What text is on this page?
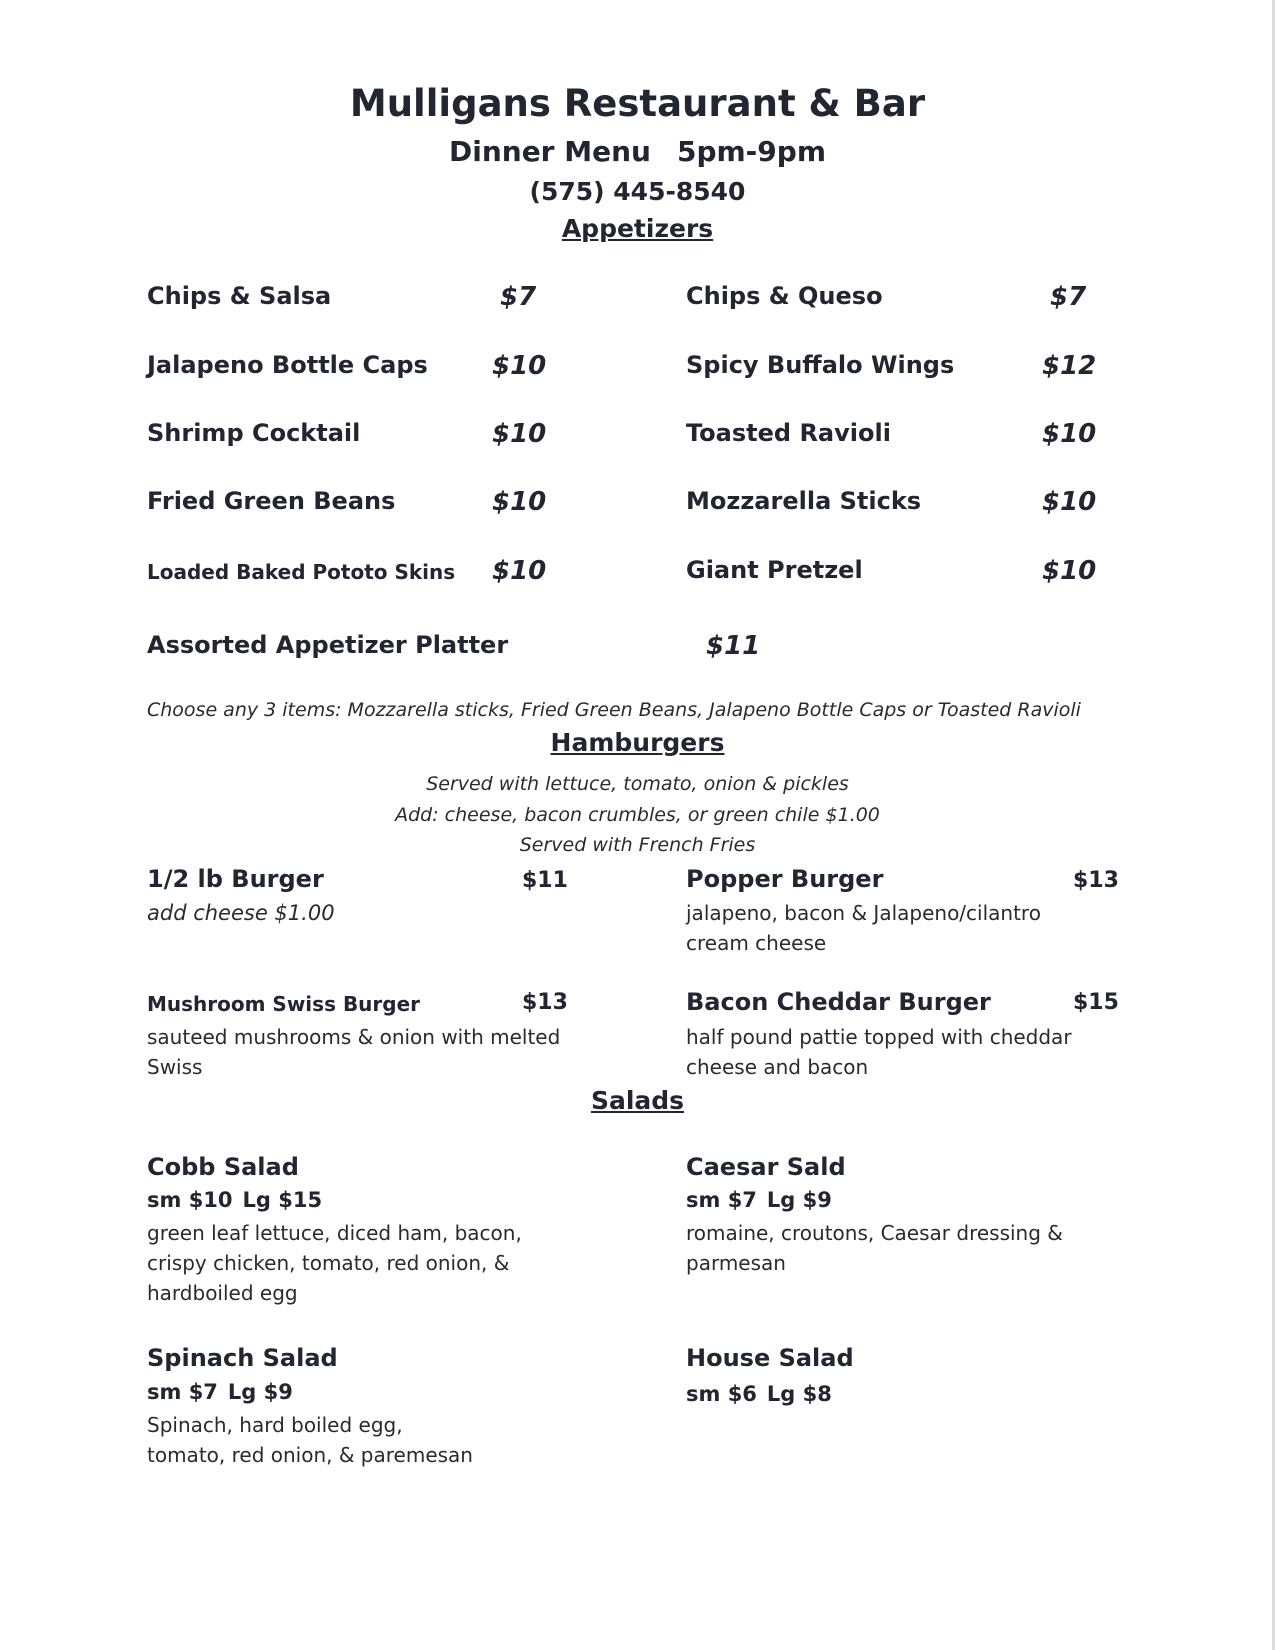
Mulligans Restaurant & Bar
Dinner Menu 5pm-9pm
(575) 445-8540
Appetizers
Chips & Salsa	$7	Chips & Queso	$7
Jalapeno Bottle Caps $10	Spicy Buffalo Wings	$12
Shrimp Cocktail	$10	Toasted Ravioli	$10
Fried Green Beans	$10	Mozzarella Sticks	$10
Loaded Baked Pototo Skins $10	Giant Pretzel	$10
Assorted Appetizer Platter	$11
Choose any 3 items: Mozzarella sticks, Fried Green Beans, Jalapeno Bottle Caps or Toasted Ravioli
Hamburgers
Served with lettuce, tomato, onion & pickles
Add: cheese, bacon crumbles, or green chile $1.00
Served with French Fries
1/2 lb Burger	$11
add cheese $1.00
Popper Burger	$13
jalapeno, bacon & Jalapeno/cilantro cream cheese
Mushroom Swiss Burger	$13
sauteed mushrooms & onion with melted Swiss
Bacon Cheddar Burger	$15
half pound pattie topped with cheddar cheese and bacon
Salads
Cobb Salad
sm $10 Lg $15
green leaf lettuce, diced ham, bacon, crispy chicken, tomato, red onion, & hardboiled egg
Caesar Sald
sm $7 Lg $9
romaine, croutons, Caesar dressing & parmesan
Spinach Salad
sm $7 Lg $9
Spinach, hard boiled egg, tomato, red onion, & paremesan
House Salad
sm $6 Lg $8
